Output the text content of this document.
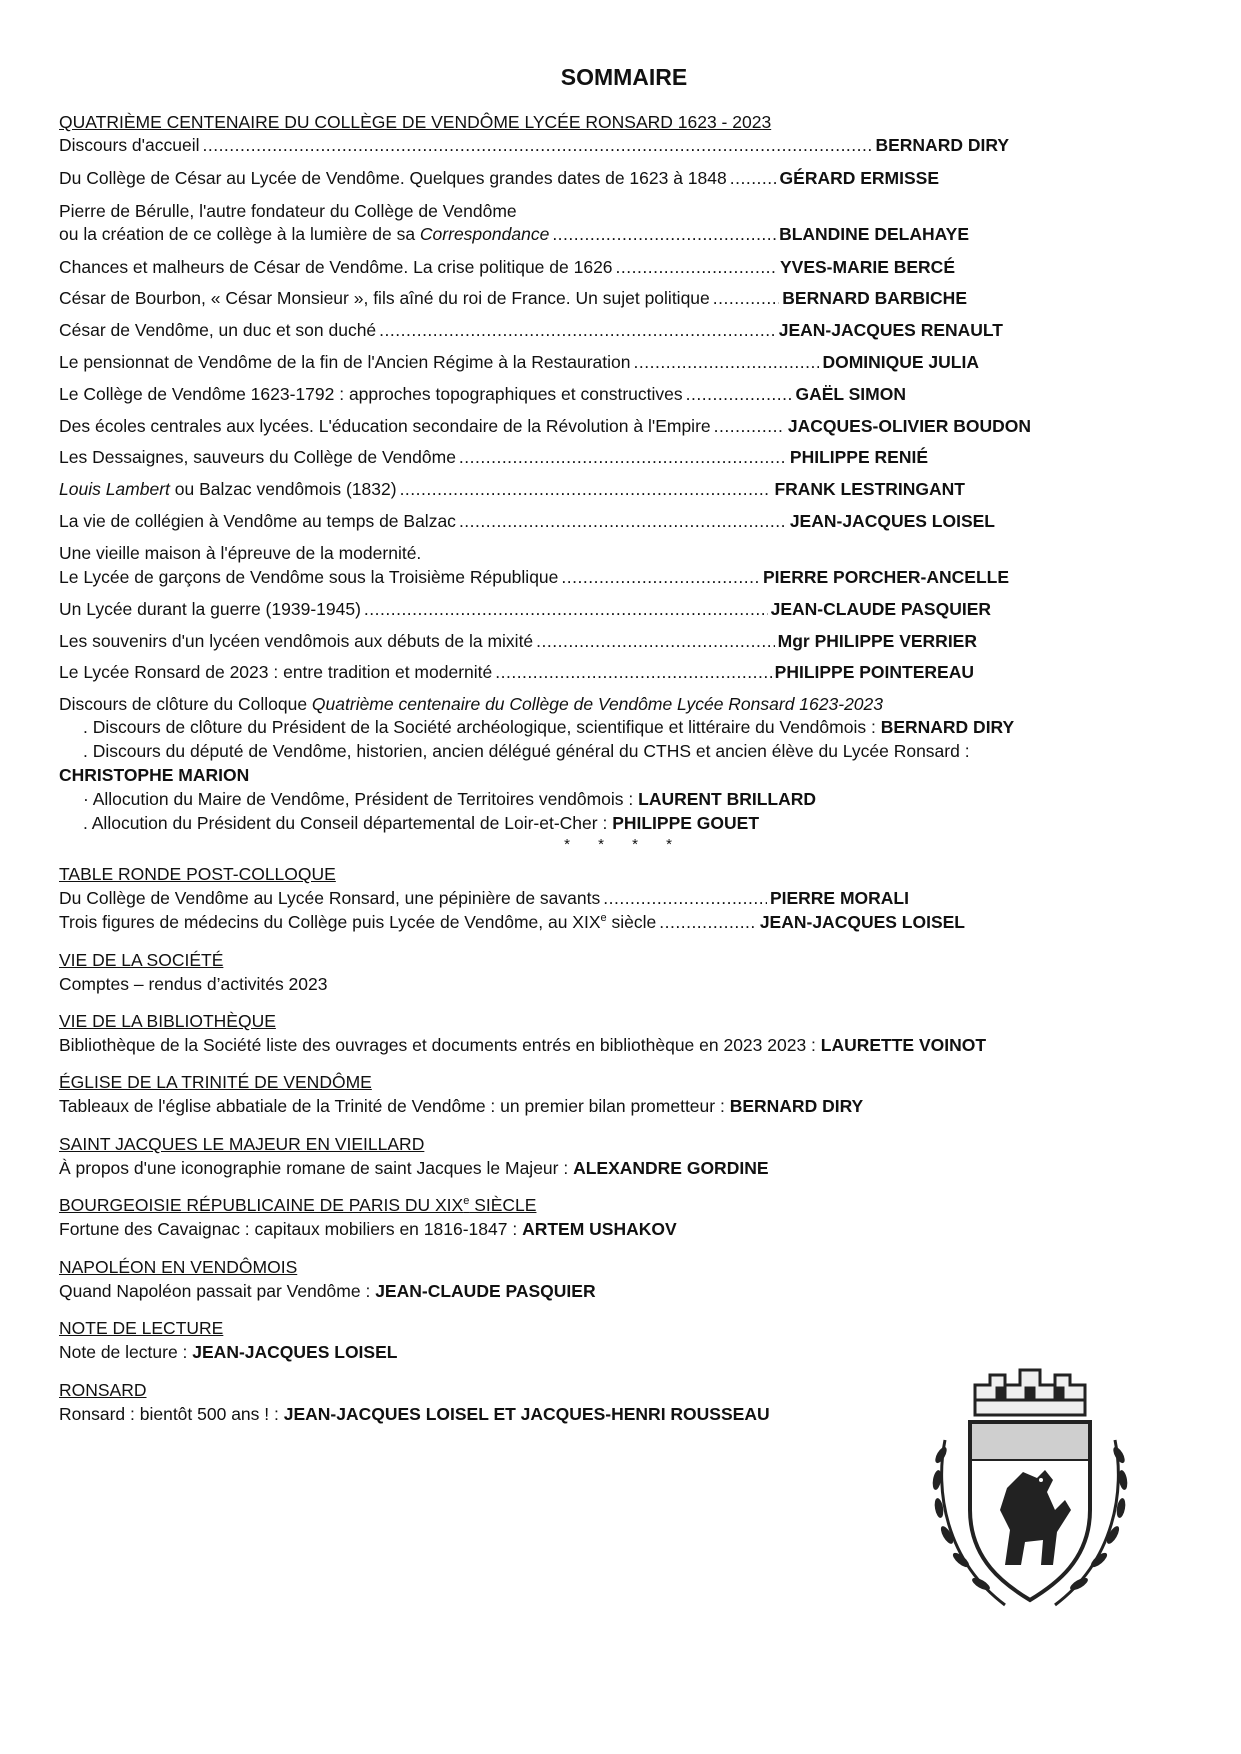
SOMMAIRE
QUATRIÈME CENTENAIRE DU COLLÈGE DE VENDÔME LYCÉE RONSARD 1623 - 2023
Discours d'accueil .....	BERNARD DIRY
Du Collège de César au Lycée de Vendôme. Quelques grandes dates de 1623 à 1848 .....	GÉRARD ERMISSE
Pierre de Bérulle, l'autre fondateur du Collège de Vendôme
ou la création de ce collège à la lumière de sa Correspondance .....	BLANDINE DELAHAYE
Chances et malheurs de César de Vendôme. La crise politique de 1626 .....	YVES-MARIE BERCÉ
César de Bourbon, « César Monsieur », fils aîné du roi de France. Un sujet politique .....	BERNARD BARBICHE
César de Vendôme, un duc et son duché .....	JEAN-JACQUES RENAULT
Le pensionnat de Vendôme de la fin de l'Ancien Régime à la Restauration .....	DOMINIQUE JULIA
Le Collège de Vendôme 1623-1792 : approches topographiques et constructives .....	GAËL SIMON
Des écoles centrales aux lycées. L'éducation secondaire de la Révolution à l'Empire .....	JACQUES-OLIVIER BOUDON
Les Dessaignes, sauveurs du Collège de Vendôme .....	PHILIPPE RENIÉ
Louis Lambert ou Balzac vendômois (1832) .....	FRANK LESTRINGANT
La vie de collégien à Vendôme au temps de Balzac .....	JEAN-JACQUES LOISEL
Une vieille maison à l'épreuve de la modernité.
Le Lycée de garçons de Vendôme sous la Troisième République .....	PIERRE PORCHER-ANCELLE
Un Lycée durant la guerre (1939-1945) .....	JEAN-CLAUDE PASQUIER
Les souvenirs d'un lycéen vendômois aux débuts de la mixité .....	Mgr PHILIPPE VERRIER
Le Lycée Ronsard de 2023 : entre tradition et modernité .....	PHILIPPE POINTEREAU
Discours de clôture du Colloque Quatrième centenaire du Collège de Vendôme Lycée Ronsard 1623-2023
. Discours de clôture du Président de la Société archéologique, scientifique et littéraire du Vendômois : BERNARD DIRY
. Discours du député de Vendôme, historien, ancien délégué général du CTHS et ancien élève du Lycée Ronsard :
CHRISTOPHE MARION
· Allocution du Maire de Vendôme, Président de Territoires vendômois : LAURENT BRILLARD
. Allocution du Président du Conseil départemental de Loir-et-Cher : PHILIPPE GOUET
* * * *
TABLE RONDE POST-COLLOQUE
Du Collège de Vendôme au Lycée Ronsard, une pépinière de savants .....	PIERRE MORALI
Trois figures de médecins du Collège puis Lycée de Vendôme, au XIXe siècle .....	JEAN-JACQUES LOISEL
VIE DE LA SOCIÉTÉ
Comptes – rendus d’activités 2023
VIE DE LA BIBLIOTHÈQUE
Bibliothèque de la Société liste des ouvrages et documents entrés en bibliothèque en 2023 2023 : LAURETTE VOINOT
ÉGLISE DE LA TRINITÉ DE VENDÔME
Tableaux de l'église abbatiale de la Trinité de Vendôme : un premier bilan prometteur : BERNARD DIRY
SAINT JACQUES LE MAJEUR EN VIEILLARD
À propos d'une iconographie romane de saint Jacques le Majeur : ALEXANDRE GORDINE
BOURGEOISIE RÉPUBLICAINE DE PARIS DU XIXe SIÈCLE
Fortune des Cavaignac : capitaux mobiliers en 1816-1847 : ARTEM USHAKOV
NAPOLÉON EN VENDÔMOIS
Quand Napoléon passait par Vendôme : JEAN-CLAUDE PASQUIER
NOTE DE LECTURE
Note de lecture : JEAN-JACQUES LOISEL
RONSARD
Ronsard : bientôt 500 ans ! : JEAN-JACQUES LOISEL ET JACQUES-HENRI ROUSSEAU
